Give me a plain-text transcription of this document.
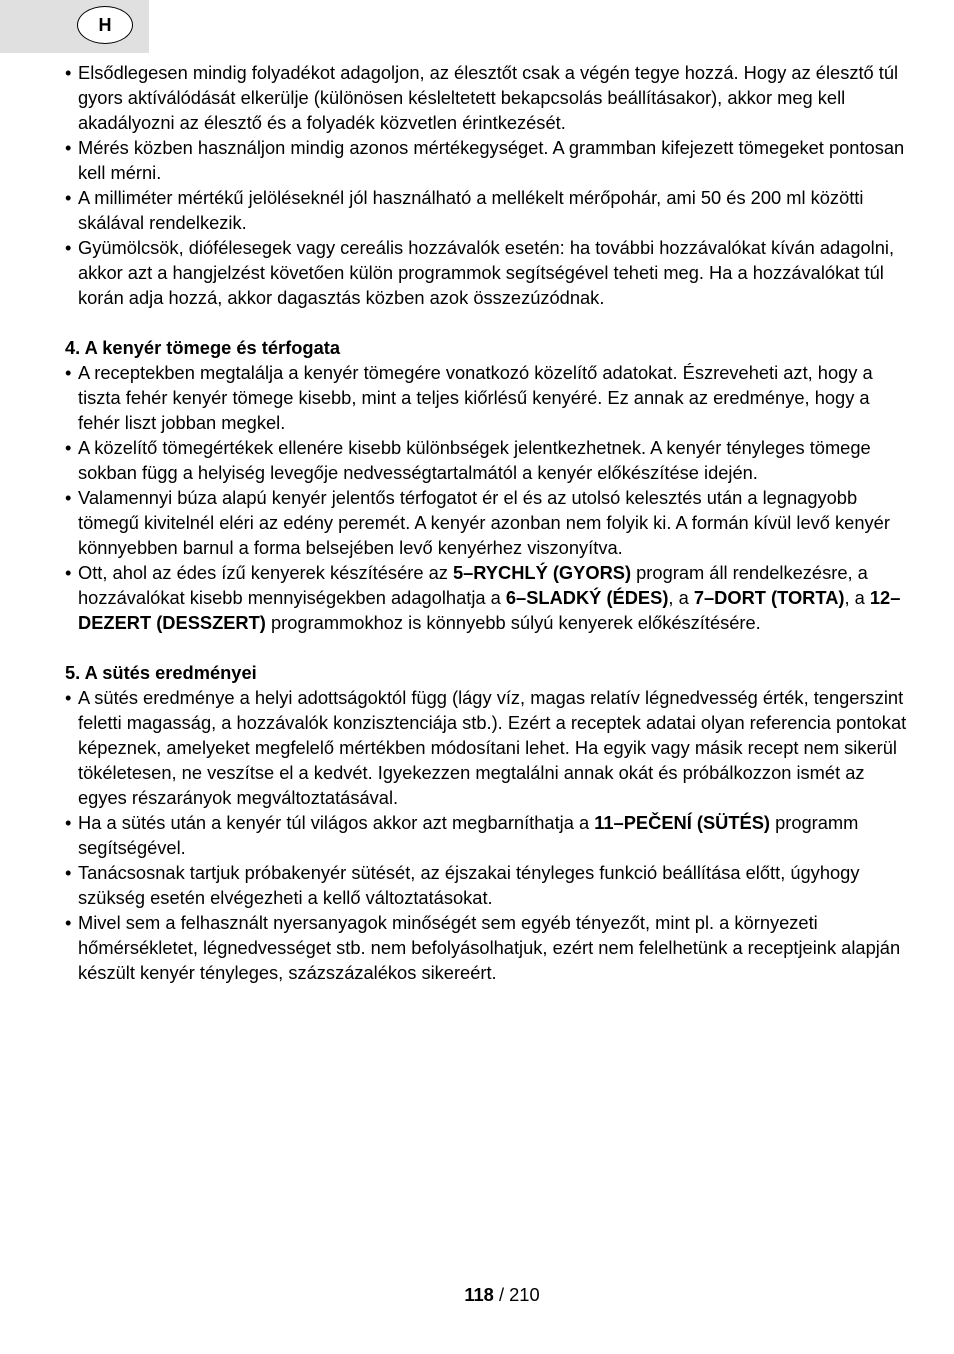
H
• Elsődlegesen mindig folyadékot adagoljon, az élesztőt csak a végén tegye hozzá. Hogy az élesztő túl gyors aktíválódását elkerülje (különösen késleltetett bekapcsolás beállításakor), akkor meg kell akadályozni az élesztő és a folyadék közvetlen érintkezését.
• Mérés közben használjon mindig azonos mértékegységet. A grammban kifejezett tömegeket pontosan kell mérni.
• A milliméter mértékű jelöléseknél jól használható a mellékelt mérőpohár, ami 50 és 200 ml közötti skálával rendelkezik.
• Gyümölcsök, diófélesegek vagy cereális hozzávalók esetén: ha további hozzávalókat kíván adagolni, akkor azt a hangjelzést követően külön programmok segítségével teheti meg. Ha a hozzávalókat túl korán adja hozzá, akkor dagasztás közben azok összezúzódnak.

4. A kenyér tömege és térfogata

• A receptekben megtalálja a kenyér tömegére vonatkozó közelítő adatokat. Észreveheti azt, hogy a tiszta fehér kenyér tömege kisebb, mint a teljes kiőrlésű kenyéré. Ez annak az eredménye, hogy a fehér liszt jobban megkel.
• A közelítő tömegértékek ellenére kisebb különbségek jelentkezhetnek. A kenyér tényleges tömege sokban függ a helyiség levegője nedvességtartalmától a kenyér előkészítése idején.
• Valamennyi búza alapú kenyér jelentős térfogatot ér el és az utolsó kelesztés után a legnagyobb tömegű kivitelnél eléri az edény peremét. A kenyér azonban nem folyik ki. A formán kívül levő kenyér könnyebben barnul a forma belsejében levő kenyérhez viszonyítva.
• Ott, ahol az édes ízű kenyerek készítésére az 5–RYCHLÝ (GYORS) program áll rendelkezésre, a hozzávalókat kisebb mennyiségekben adagolhatja a 6–SLADKÝ (ÉDES), a 7–DORT (TORTA), a 12–DEZERT (DESSZERT) programmokhoz is könnyebb súlyú kenyerek előkészítésére.

5. A sütés eredményei

• A sütés eredménye a helyi adottságoktól függ (lágy víz, magas relatív légnedvesség érték, tengerszint feletti magasság, a hozzávalók konzisztenciája stb.). Ezért a receptek adatai olyan referencia pontokat képeznek, amelyeket megfelelő mértékben módosítani lehet. Ha egyik vagy másik recept nem sikerül tökéletesen, ne veszítse el a kedvét. Igyekezzen megtalálni annak okát és próbálkozzon ismét az egyes részarányok megváltoztatásával.
• Ha a sütés után a kenyér túl világos akkor azt megbarníthatja a 11–PEČENÍ (SÜTÉS) programm segítségével.
• Tanácsosnak tartjuk próbakenyér sütését, az éjszakai tényleges funkció beállítása előtt, úgyhogy szükség esetén elvégezheti a kellő változtatásokat.
• Mivel sem a felhasznált nyersanyagok minőségét sem egyéb tényezőt, mint pl. a környezeti hőmérsékletet, légnedvességet stb. nem befolyásolhatjuk, ezért nem felelhetünk a receptjeink alapján készült kenyér tényleges, százszázalékos sikereért.
118 / 210
